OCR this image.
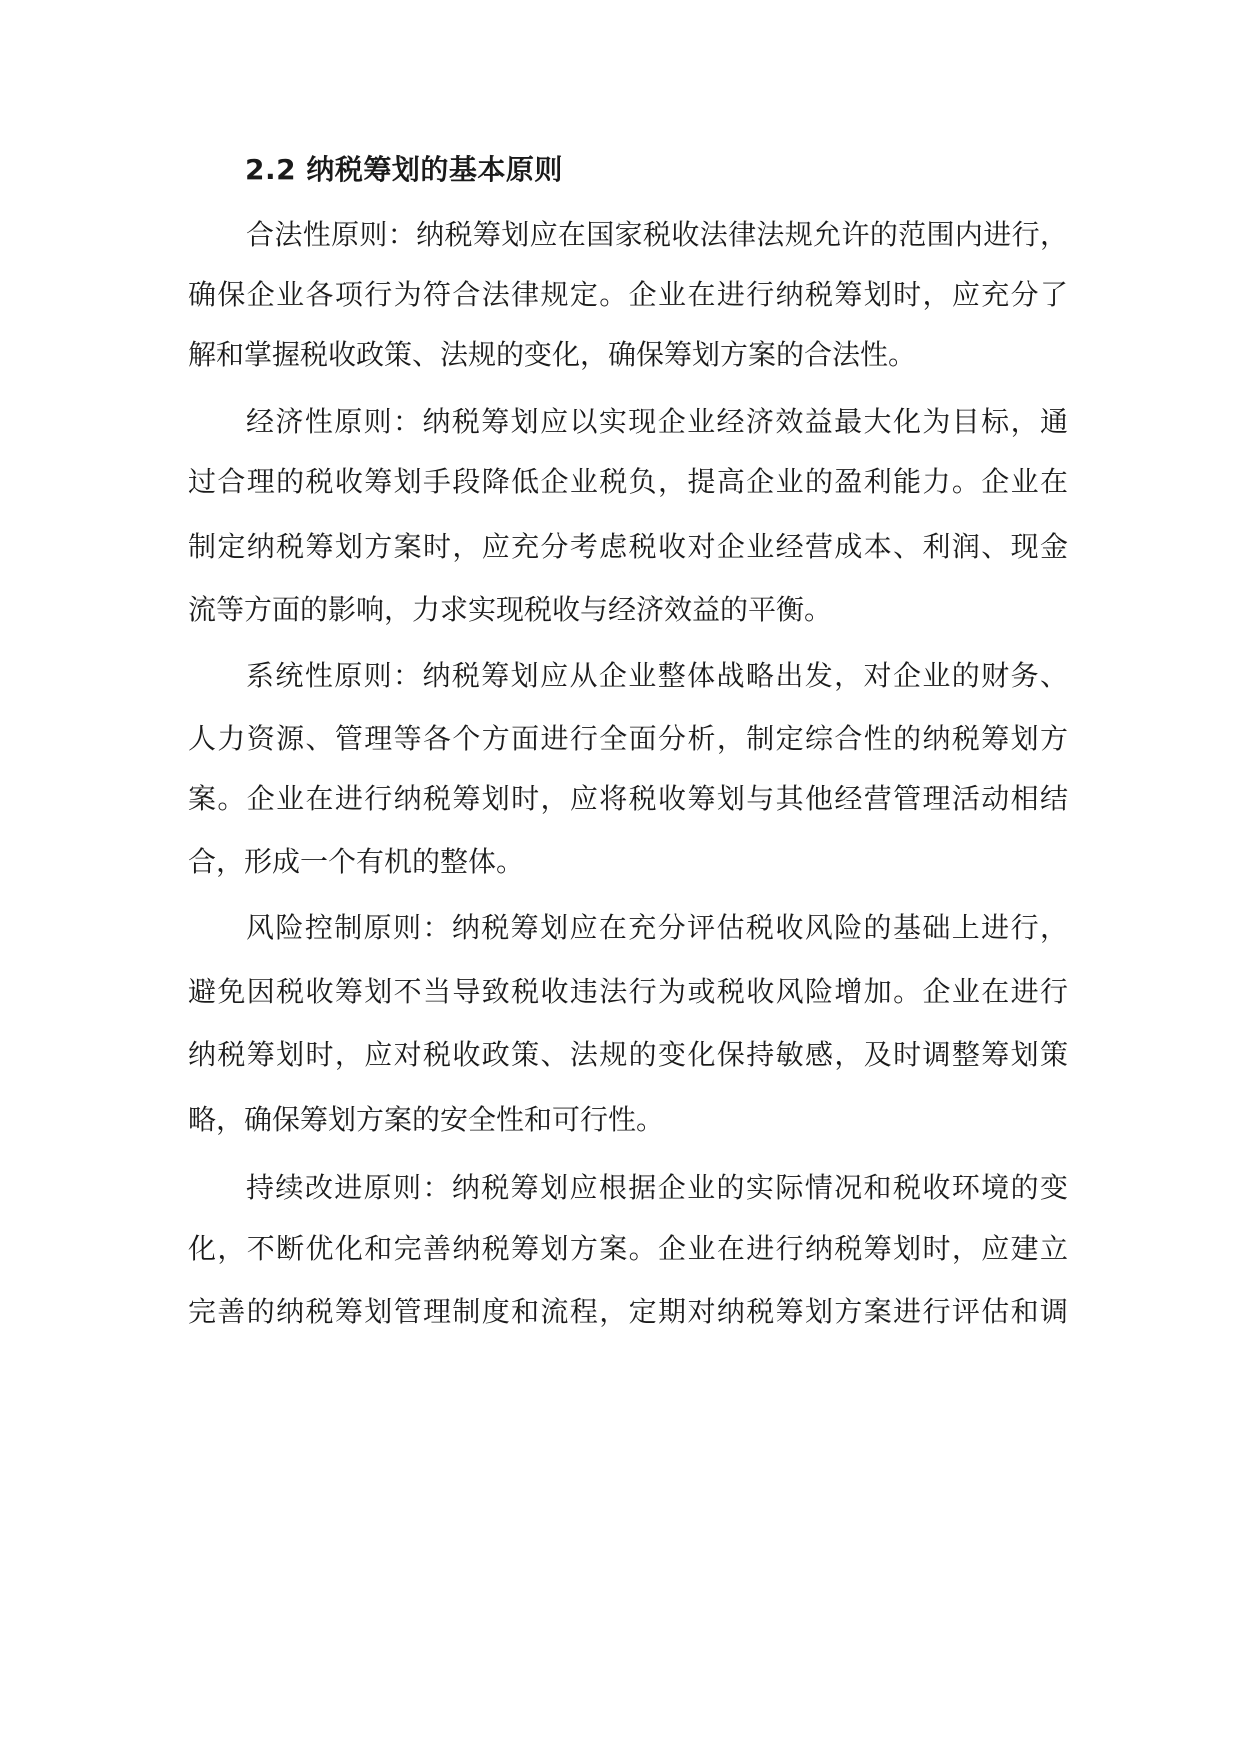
2.2 纳税筹划的基本原则
合法性原则：纳税筹划应在国家税收法律法规允许的范围内进行，
确保企业各项行为符合法律规定。企业在进行纳税筹划时，应充分了
解和掌握税收政策、法规的变化，确保筹划方案的合法性。
经济性原则：纳税筹划应以实现企业经济效益最大化为目标，通
过合理的税收筹划手段降低企业税负，提高企业的盈利能力。企业在
制定纳税筹划方案时，应充分考虑税收对企业经营成本、利润、现金
流等方面的影响，力求实现税收与经济效益的平衡。
系统性原则：纳税筹划应从企业整体战略出发，对企业的财务、
人力资源、管理等各个方面进行全面分析，制定综合性的纳税筹划方
案。企业在进行纳税筹划时，应将税收筹划与其他经营管理活动相结
合，形成一个有机的整体。
风险控制原则：纳税筹划应在充分评估税收风险的基础上进行，
避免因税收筹划不当导致税收违法行为或税收风险增加。企业在进行
纳税筹划时，应对税收政策、法规的变化保持敏感，及时调整筹划策
略，确保筹划方案的安全性和可行性。
持续改进原则：纳税筹划应根据企业的实际情况和税收环境的变
化，不断优化和完善纳税筹划方案。企业在进行纳税筹划时，应建立
完善的纳税筹划管理制度和流程，定期对纳税筹划方案进行评估和调
